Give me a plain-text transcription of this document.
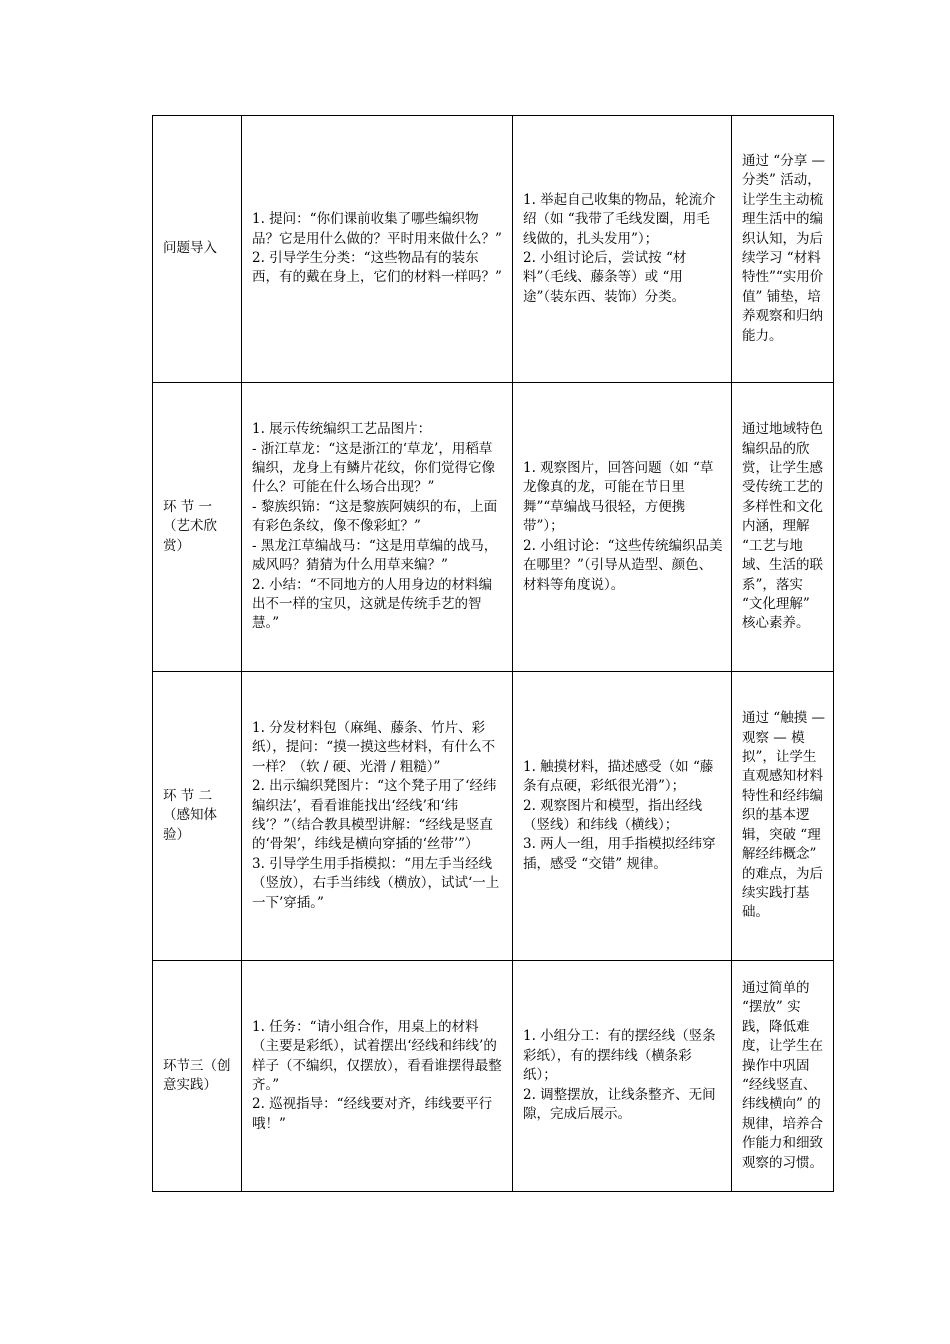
问题导入	1. 提问：“你们课前收集了哪些编织物品？它是用什么做的？平时用来做什么？”
2. 引导学生分类：“这些物品有的装东西，有的戴在身上，它们的材料一样吗？”	1. 举起自己收集的物品，轮流介绍（如 “我带了毛线发圈，用毛线做的，扎头发用”）；
2. 小组讨论后，尝试按 “材料”（毛线、藤条等）或 “用途”（装东西、装饰）分类。	通过 “分享 — 分类” 活动，让学生主动梳理生活中的编织认知，为后续学习 “材料特性”“实用价值” 铺垫，培养观察和归纳能力。
环 节 一（艺术欣赏）	1. 展示传统编织工艺品图片：
- 浙江草龙：“这是浙江的‘草龙’，用稻草编织，龙身上有鳞片花纹，你们觉得它像什么？可能在什么场合出现？”
- 黎族织锦：“这是黎族阿姨织的布，上面有彩色条纹，像不像彩虹？”
- 黑龙江草编战马：“这是用草编的战马，威风吗？猜猜为什么用草来编？”
2. 小结：“不同地方的人用身边的材料编出不一样的宝贝，这就是传统手艺的智慧。”	1. 观察图片，回答问题（如 “草龙像真的龙，可能在节日里舞”“草编战马很轻，方便携带”）；
2. 小组讨论：“这些传统编织品美在哪里？”（引导从造型、颜色、材料等角度说）。	通过地域特色编织品的欣赏，让学生感受传统工艺的多样性和文化内涵，理解 “工艺与地域、生活的联系”，落实 “文化理解” 核心素养。
环 节 二（感知体验）	1. 分发材料包（麻绳、藤条、竹片、彩纸），提问：“摸一摸这些材料，有什么不一样？（软 / 硬、光滑 / 粗糙）”
2. 出示编织凳图片：“这个凳子用了‘经纬编织法’，看看谁能找出‘经线’和‘纬线’？”（结合教具模型讲解：“经线是竖直的‘骨架’，纬线是横向穿插的‘丝带’”）
3. 引导学生用手指模拟：“用左手当经线（竖放），右手当纬线（横放），试试‘一上一下’穿插。”	1. 触摸材料，描述感受（如 “藤条有点硬，彩纸很光滑”）；
2. 观察图片和模型，指出经线（竖线）和纬线（横线）；
3. 两人一组，用手指模拟经纬穿插，感受 “交错” 规律。	通过 “触摸 — 观察 — 模拟”，让学生直观感知材料特性和经纬编织的基本逻辑，突破 “理解经纬概念” 的难点，为后续实践打基础。
环节三（创意实践）	1. 任务：“请小组合作，用桌上的材料（主要是彩纸），试着摆出‘经线和纬线’的样子（不编织，仅摆放），看看谁摆得最整齐。”
2. 巡视指导：“经线要对齐，纬线要平行哦！”	1. 小组分工：有的摆经线（竖条彩纸），有的摆纬线（横条彩纸）；
2. 调整摆放，让线条整齐、无间隙，完成后展示。	通过简单的 “摆放” 实践，降低难度，让学生在操作中巩固 “经线竖直、纬线横向” 的规律，培养合作能力和细致观察的习惯。
